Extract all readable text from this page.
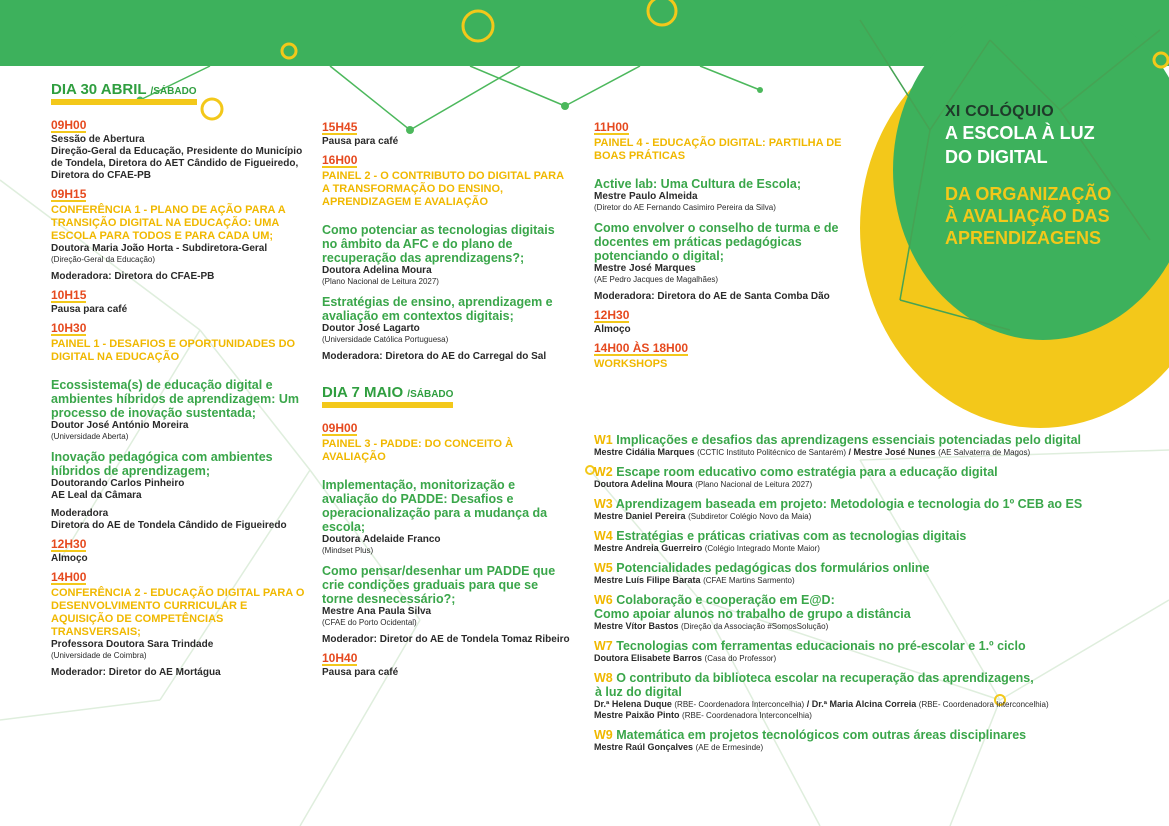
XI COLÓQUIO
A ESCOLA À LUZ
DO DIGITAL
DA ORGANIZAÇÃO
À AVALIAÇÃO DAS
APRENDIZAGENS
DIA 30 ABRIL /SÁBADO
09H00
Sessão de Abertura
Direção-Geral da Educação, Presidente do Município de Tondela, Diretora do AET Cândido de Figueiredo, Diretora do CFAE-PB
09H15
CONFERÊNCIA 1 - PLANO DE AÇÃO PARA A TRANSIÇÃO DIGITAL NA EDUCAÇÃO: UMA ESCOLA PARA TODOS E PARA CADA UM;
Doutora Maria João Horta - Subdiretora-Geral
(Direção-Geral da Educação)
Moderadora: Diretora do CFAE-PB
10H15
Pausa para café
10H30
PAINEL 1 - DESAFIOS E OPORTUNIDADES DO DIGITAL NA EDUCAÇÃO
Ecossistema(s) de educação digital e ambientes híbridos de aprendizagem: Um processo de inovação sustentada;
Doutor José António Moreira
(Universidade Aberta)
Inovação pedagógica com ambientes híbridos de aprendizagem;
Doutorando Carlos Pinheiro
AE Leal da Câmara
Moderadora
Diretora do AE de Tondela Cândido de Figueiredo
12H30
Almoço
14H00
CONFERÊNCIA 2 - EDUCAÇÃO DIGITAL PARA O DESENVOLVIMENTO CURRICULAR E AQUISIÇÃO DE COMPETÊNCIAS TRANSVERSAIS;
Professora Doutora Sara Trindade
(Universidade de Coimbra)
Moderador: Diretor do AE Mortágua
15H45
Pausa para café
16H00
PAINEL 2 - O CONTRIBUTO DO DIGITAL PARA A TRANSFORMAÇÃO DO ENSINO, APRENDIZAGEM E AVALIAÇÃO
Como potenciar as tecnologias digitais no âmbito da AFC e do plano de recuperação das aprendizagens?;
Doutora Adelina Moura
(Plano Nacional de Leitura 2027)
Estratégias de ensino, aprendizagem e avaliação em contextos digitais;
Doutor José Lagarto
(Universidade Católica Portuguesa)
Moderadora: Diretora do AE do Carregal do Sal
DIA 7 MAIO /SÁBADO
09H00
PAINEL 3 - PADDE: DO CONCEITO À AVALIAÇÃO
Implementação, monitorização e avaliação do PADDE: Desafios e operacionalização para a mudança da escola;
Doutora Adelaide Franco
(Mindset Plus)
Como pensar/desenhar um PADDE que crie condições graduais para que se torne desnecessário?;
Mestre Ana Paula Silva
(CFAE do Porto Ocidental)
Moderador: Diretor do AE de Tondela Tomaz Ribeiro
10H40
Pausa para café
11H00
PAINEL 4 - EDUCAÇÃO DIGITAL: PARTILHA DE BOAS PRÁTICAS
Active lab: Uma Cultura de Escola;
Mestre Paulo Almeida
(Diretor do AE Fernando Casimiro Pereira da Silva)
Como envolver o conselho de turma e de docentes em práticas pedagógicas potenciando o digital;
Mestre José Marques
(AE Pedro Jacques de Magalhães)
Moderadora: Diretora do AE de Santa Comba Dão
12H30
Almoço
14H00 ÀS 18H00
WORKSHOPS
W1 Implicações e desafios das aprendizagens essenciais potenciadas pelo digital
Mestre Cidália Marques (CCTIC Instituto Politécnico de Santarém) / Mestre José Nunes (AE Salvaterra de Magos)
W2 Escape room educativo como estratégia para a educação digital
Doutora Adelina Moura (Plano Nacional de Leitura 2027)
W3 Aprendizagem baseada em projeto: Metodologia e tecnologia do 1º CEB ao ES
Mestre Daniel Pereira (Subdiretor Colégio Novo da Maia)
W4 Estratégias e práticas criativas com as tecnologias digitais
Mestre Andreia Guerreiro (Colégio Integrado Monte Maior)
W5 Potencialidades pedagógicas dos formulários online
Mestre Luís Filipe Barata (CFAE Martins Sarmento)
W6 Colaboração e cooperação em E@D:
Como apoiar alunos no trabalho de grupo a distância
Mestre Vítor Bastos (Direção da Associação #SomosSolução)
W7 Tecnologias com ferramentas educacionais no pré-escolar e 1.º ciclo
Doutora Elisabete Barros (Casa do Professor)
W8 O contributo da biblioteca escolar na recuperação das aprendizagens,
à luz do digital
Dr.ª Helena Duque (RBE- Coordenadora Interconcelhia) / Dr.ª Maria Alcina Correia (RBE- Coordenadora Interconcelhia)
Mestre Paixão Pinto (RBE- Coordenadora Interconcelhia)
W9 Matemática em projetos tecnológicos com outras áreas disciplinares
Mestre Raúl Gonçalves (AE de Ermesinde)
